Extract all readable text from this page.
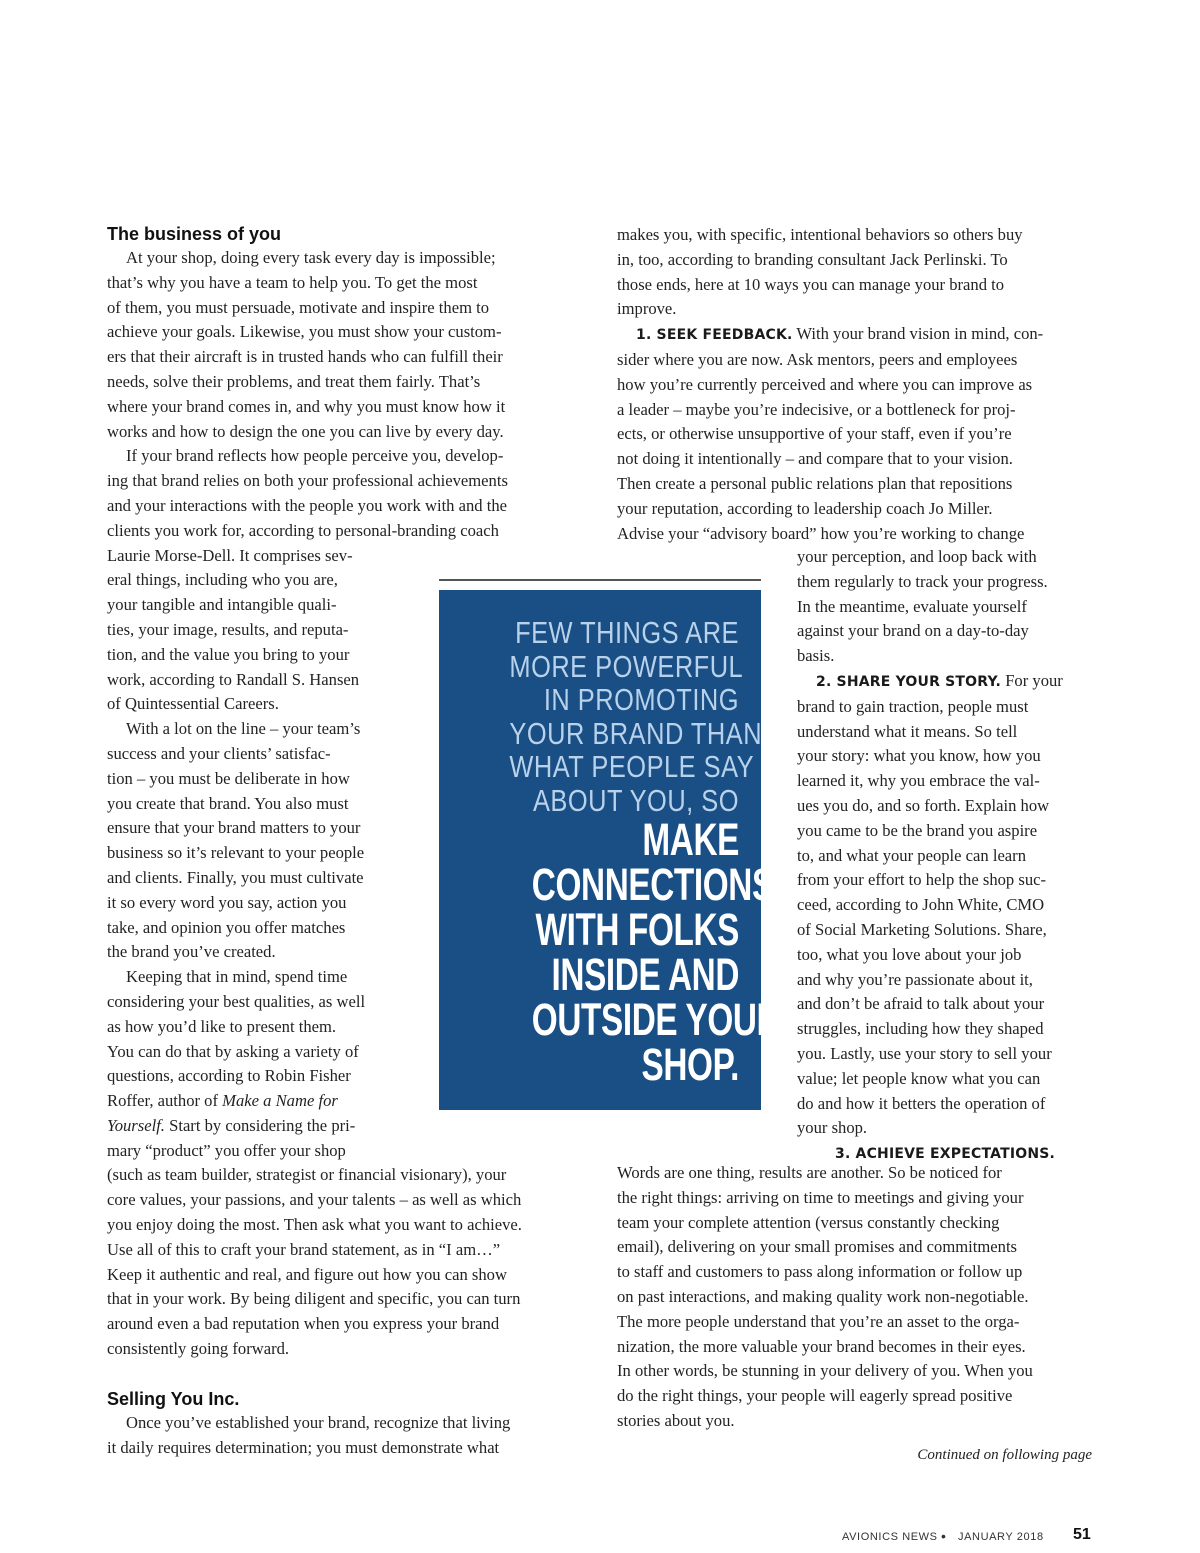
The business of you

At your shop, doing every task every day is impossible;

that’s why you have a team to help you. To get the most

of them, you must persuade, motivate and inspire them to

achieve your goals. Likewise, you must show your custom-

ers that their aircraft is in trusted hands who can fulfill their

needs, solve their problems, and treat them fairly. That’s

where your brand comes in, and why you must know how it

works and how to design the one you can live by every day.

If your brand reflects how people perceive you, develop-

ing that brand relies on both your professional achievements

and your interactions with the people you work with and the

clients you work for, according to personal-branding coach

Laurie Morse-Dell. It comprises sev-

eral things, including who you are,

your tangible and intangible quali-

ties, your image, results, and reputa-

tion, and the value you bring to your

work, according to Randall S. Hansen

of Quintessential Careers.

With a lot on the line – your team’s

success and your clients’ satisfac-

tion – you must be deliberate in how

you create that brand. You also must

ensure that your brand matters to your

business so it’s relevant to your people

and clients. Finally, you must cultivate

it so every word you say, action you

take, and opinion you offer matches

the brand you’ve created.

Keeping that in mind, spend time

considering your best qualities, as well

as how you’d like to present them.

You can do that by asking a variety of

questions, according to Robin Fisher

Roffer, author of Make a Name for

Yourself. Start by considering the pri-

mary “product” you offer your shop

(such as team builder, strategist or financial visionary), your

core values, your passions, and your talents – as well as which

you enjoy doing the most. Then ask what you want to achieve.

Use all of this to craft your brand statement, as in “I am…”

Keep it authentic and real, and figure out how you can show

that in your work. By being diligent and specific, you can turn

around even a bad reputation when you express your brand

consistently going forward.

Selling You Inc.

Once you’ve established your brand, recognize that living

it daily requires determination; you must demonstrate what

makes you, with specific, intentional behaviors so others buy

in, too, according to branding consultant Jack Perlinski. To

those ends, here at 10 ways you can manage your brand to

improve.

1. SEEK FEEDBACK. With your brand vision in mind, con-

sider where you are now. Ask mentors, peers and employees

how you’re currently perceived and where you can improve as

a leader – maybe you’re indecisive, or a bottleneck for proj-

ects, or otherwise unsupportive of your staff, even if you’re

not doing it intentionally – and compare that to your vision.

Then create a personal public relations plan that repositions

your reputation, according to leadership coach Jo Miller.

Advise your “advisory board” how you’re working to change

your perception, and loop back with

them regularly to track your progress.

In the meantime, evaluate yourself

against your brand on a day-to-day

basis.

2. SHARE YOUR STORY. For your

brand to gain traction, people must

understand what it means. So tell

your story: what you know, how you

learned it, why you embrace the val-

ues you do, and so forth. Explain how

you came to be the brand you aspire

to, and what your people can learn

from your effort to help the shop suc-

ceed, according to John White, CMO

of Social Marketing Solutions. Share,

too, what you love about your job

and why you’re passionate about it,

and don’t be afraid to talk about your

struggles, including how they shaped

you. Lastly, use your story to sell your

value; let people know what you can

do and how it betters the operation of

your shop.

3. ACHIEVE EXPECTATIONS.

Words are one thing, results are another. So be noticed for

the right things: arriving on time to meetings and giving your

team your complete attention (versus constantly checking

email), delivering on your small promises and commitments

to staff and customers to pass along information or follow up

on past interactions, and making quality work non-negotiable.

The more people understand that you’re an asset to the orga-

nization, the more valuable your brand becomes in their eyes.

In other words, be stunning in your delivery of you. When you

do the right things, your people will eagerly spread positive

stories about you.

FEW THINGS ARE
MORE POWERFUL
IN PROMOTING
YOUR BRAND THAN
WHAT PEOPLE SAY
ABOUT YOU, SO
MAKE
CONNECTIONS
WITH FOLKS
INSIDE AND
OUTSIDE YOUR
SHOP.
Continued on following page
AVIONICS NEWS • JANUARY 2018 51
